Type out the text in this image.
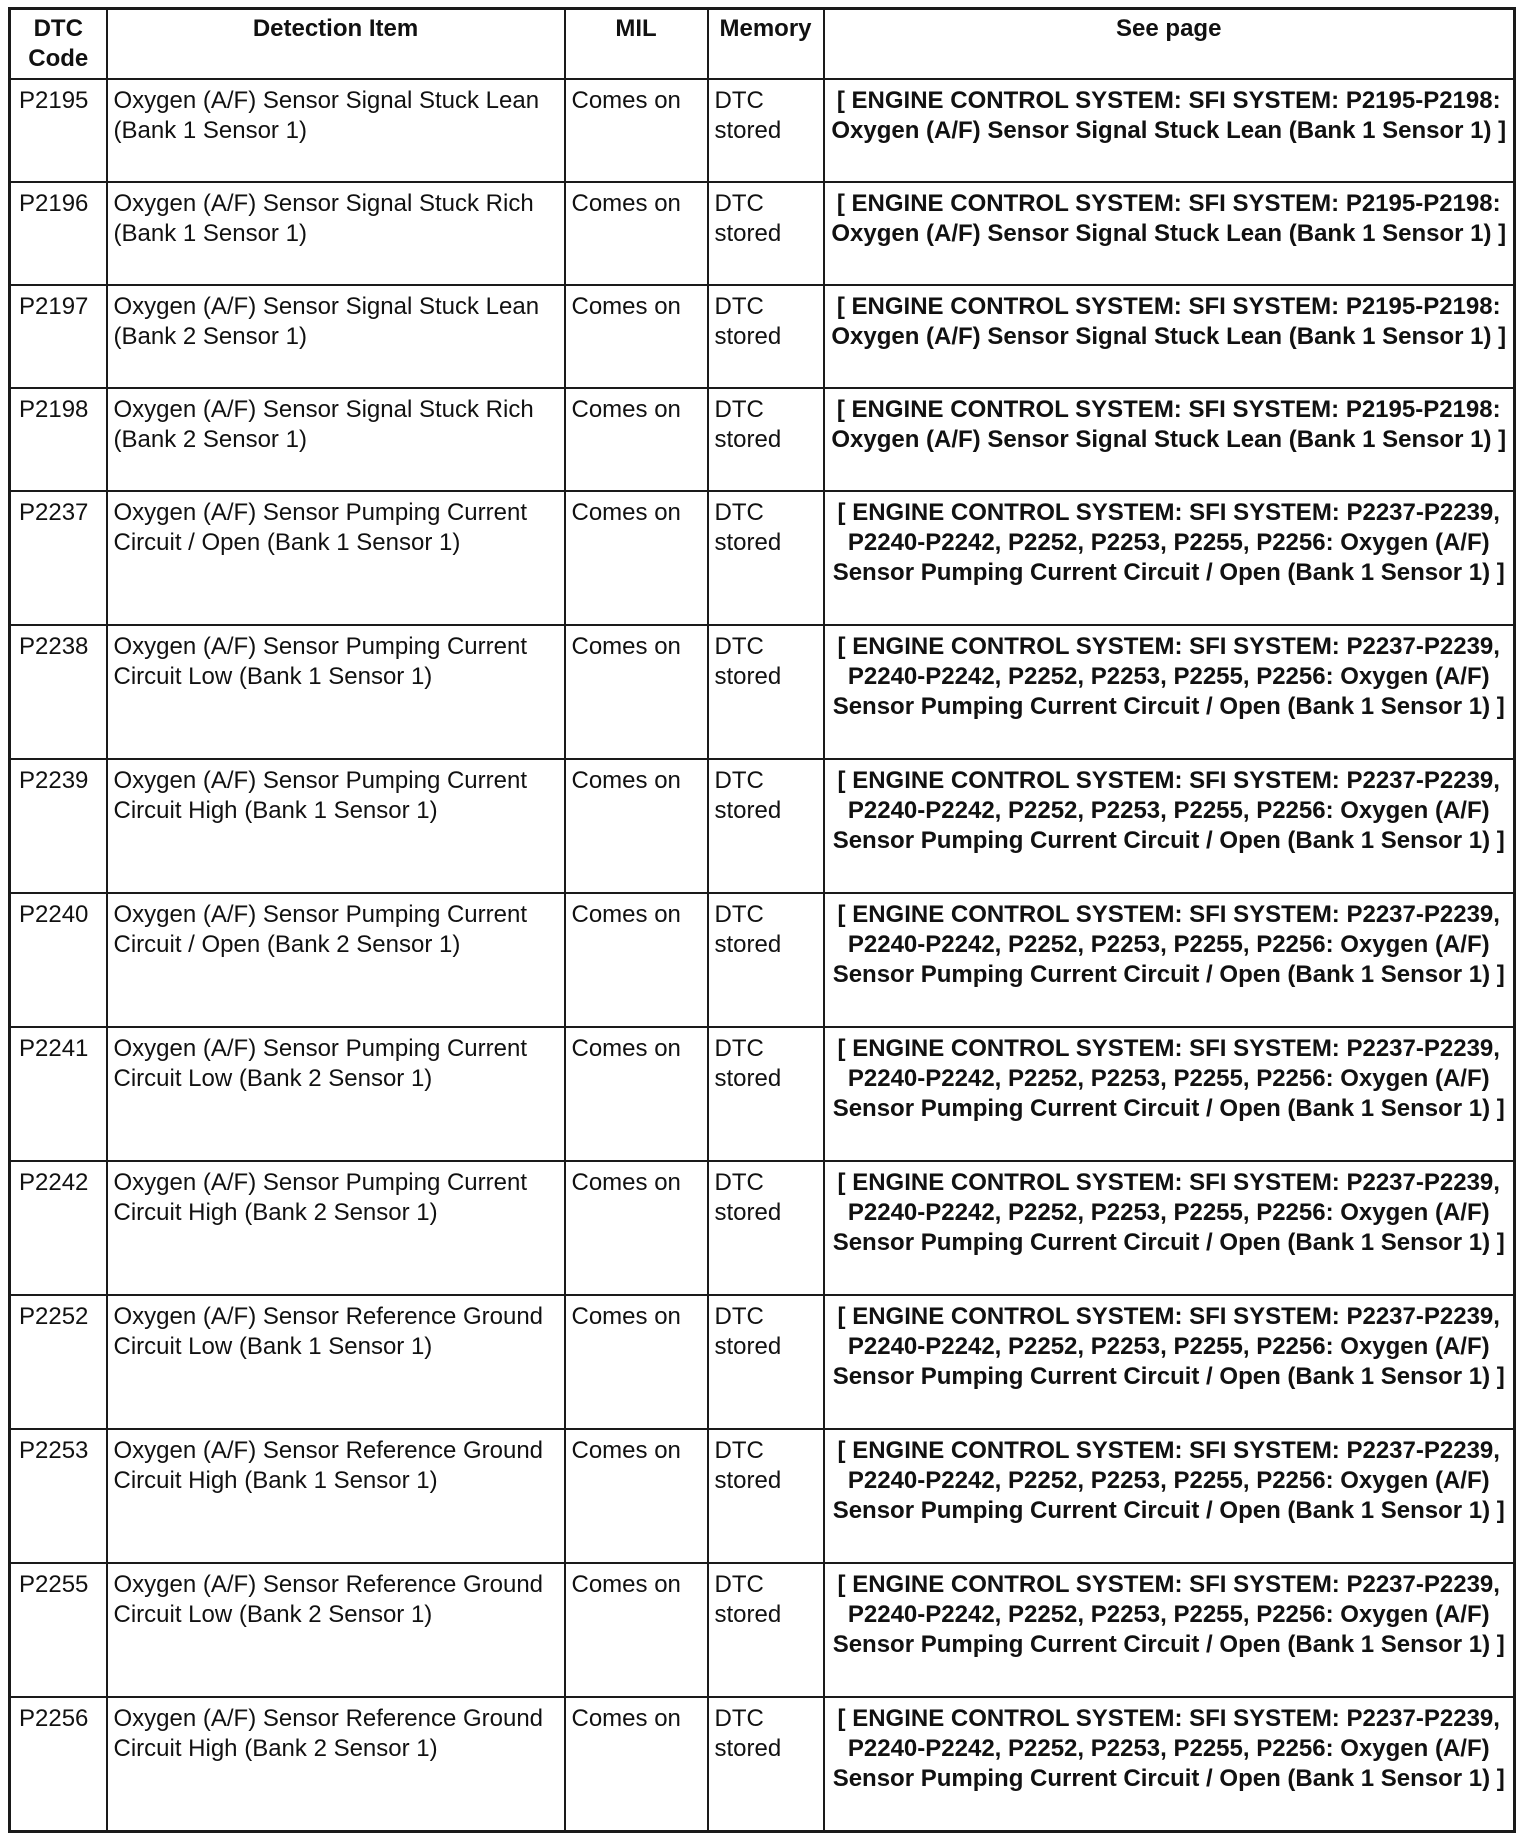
DTC Code	Detection Item	MIL	Memory	See page
P2195	Oxygen (A/F) Sensor Signal Stuck Lean (Bank 1 Sensor 1)	Comes on	DTC stored	[ ENGINE CONTROL SYSTEM: SFI SYSTEM: P2195-P2198: Oxygen (A/F) Sensor Signal Stuck Lean (Bank 1 Sensor 1) ]
P2196	Oxygen (A/F) Sensor Signal Stuck Rich (Bank 1 Sensor 1)	Comes on	DTC stored	[ ENGINE CONTROL SYSTEM: SFI SYSTEM: P2195-P2198: Oxygen (A/F) Sensor Signal Stuck Lean (Bank 1 Sensor 1) ]
P2197	Oxygen (A/F) Sensor Signal Stuck Lean (Bank 2 Sensor 1)	Comes on	DTC stored	[ ENGINE CONTROL SYSTEM: SFI SYSTEM: P2195-P2198: Oxygen (A/F) Sensor Signal Stuck Lean (Bank 1 Sensor 1) ]
P2198	Oxygen (A/F) Sensor Signal Stuck Rich (Bank 2 Sensor 1)	Comes on	DTC stored	[ ENGINE CONTROL SYSTEM: SFI SYSTEM: P2195-P2198: Oxygen (A/F) Sensor Signal Stuck Lean (Bank 1 Sensor 1) ]
P2237	Oxygen (A/F) Sensor Pumping Current Circuit / Open (Bank 1 Sensor 1)	Comes on	DTC stored	[ ENGINE CONTROL SYSTEM: SFI SYSTEM: P2237-P2239, P2240-P2242, P2252, P2253, P2255, P2256: Oxygen (A/F) Sensor Pumping Current Circuit / Open (Bank 1 Sensor 1) ]
P2238	Oxygen (A/F) Sensor Pumping Current Circuit Low (Bank 1 Sensor 1)	Comes on	DTC stored	[ ENGINE CONTROL SYSTEM: SFI SYSTEM: P2237-P2239, P2240-P2242, P2252, P2253, P2255, P2256: Oxygen (A/F) Sensor Pumping Current Circuit / Open (Bank 1 Sensor 1) ]
P2239	Oxygen (A/F) Sensor Pumping Current Circuit High (Bank 1 Sensor 1)	Comes on	DTC stored	[ ENGINE CONTROL SYSTEM: SFI SYSTEM: P2237-P2239, P2240-P2242, P2252, P2253, P2255, P2256: Oxygen (A/F) Sensor Pumping Current Circuit / Open (Bank 1 Sensor 1) ]
P2240	Oxygen (A/F) Sensor Pumping Current Circuit / Open (Bank 2 Sensor 1)	Comes on	DTC stored	[ ENGINE CONTROL SYSTEM: SFI SYSTEM: P2237-P2239, P2240-P2242, P2252, P2253, P2255, P2256: Oxygen (A/F) Sensor Pumping Current Circuit / Open (Bank 1 Sensor 1) ]
P2241	Oxygen (A/F) Sensor Pumping Current Circuit Low (Bank 2 Sensor 1)	Comes on	DTC stored	[ ENGINE CONTROL SYSTEM: SFI SYSTEM: P2237-P2239, P2240-P2242, P2252, P2253, P2255, P2256: Oxygen (A/F) Sensor Pumping Current Circuit / Open (Bank 1 Sensor 1) ]
P2242	Oxygen (A/F) Sensor Pumping Current Circuit High (Bank 2 Sensor 1)	Comes on	DTC stored	[ ENGINE CONTROL SYSTEM: SFI SYSTEM: P2237-P2239, P2240-P2242, P2252, P2253, P2255, P2256: Oxygen (A/F) Sensor Pumping Current Circuit / Open (Bank 1 Sensor 1) ]
P2252	Oxygen (A/F) Sensor Reference Ground Circuit Low (Bank 1 Sensor 1)	Comes on	DTC stored	[ ENGINE CONTROL SYSTEM: SFI SYSTEM: P2237-P2239, P2240-P2242, P2252, P2253, P2255, P2256: Oxygen (A/F) Sensor Pumping Current Circuit / Open (Bank 1 Sensor 1) ]
P2253	Oxygen (A/F) Sensor Reference Ground Circuit High (Bank 1 Sensor 1)	Comes on	DTC stored	[ ENGINE CONTROL SYSTEM: SFI SYSTEM: P2237-P2239, P2240-P2242, P2252, P2253, P2255, P2256: Oxygen (A/F) Sensor Pumping Current Circuit / Open (Bank 1 Sensor 1) ]
P2255	Oxygen (A/F) Sensor Reference Ground Circuit Low (Bank 2 Sensor 1)	Comes on	DTC stored	[ ENGINE CONTROL SYSTEM: SFI SYSTEM: P2237-P2239, P2240-P2242, P2252, P2253, P2255, P2256: Oxygen (A/F) Sensor Pumping Current Circuit / Open (Bank 1 Sensor 1) ]
P2256	Oxygen (A/F) Sensor Reference Ground Circuit High (Bank 2 Sensor 1)	Comes on	DTC stored	[ ENGINE CONTROL SYSTEM: SFI SYSTEM: P2237-P2239, P2240-P2242, P2252, P2253, P2255, P2256: Oxygen (A/F) Sensor Pumping Current Circuit / Open (Bank 1 Sensor 1) ]
